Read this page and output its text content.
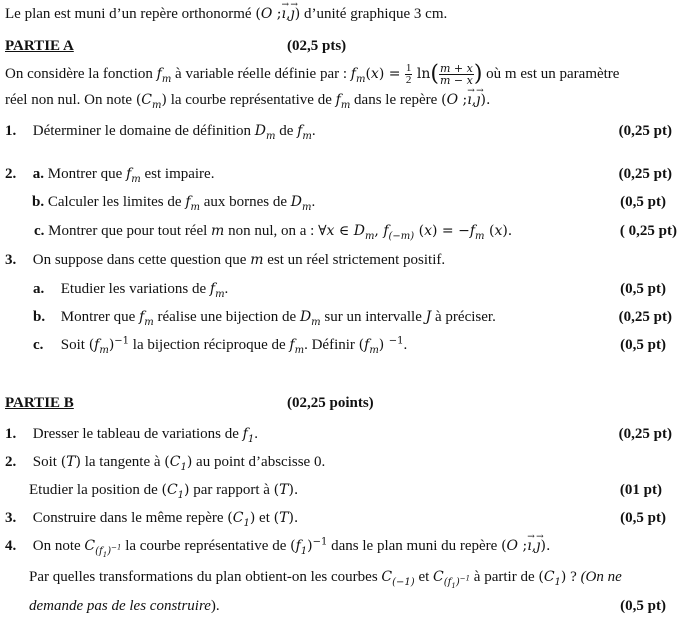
Le plan est muni d’un repère orthonormé (O ;ı →,ȷ →) d’unité graphique 3 cm.
PARTIE A	(02,5 pts)
On considère la fonction $f_m$ à variable réelle définie par : $f_m(x) = \frac{1}{2} \ln( \frac{m + x}{m - x}$ ) où m est un paramètre
réel non nul. On note $(C_m)$ la courbe représentative de $f_m$ dans le repère (O ;ı →,ȷ →).
1. Déterminer le domaine de définition $D_m$ de $f_m$.	(0,25 pt)
2. a. Montrer que $f_m$ est impaire.	(0,25 pt)
b. Calculer les limites de $f_m$ aux bornes de $D_m$.	(0,5 pt)
c. Montrer que pour tout réel m non nul, on a : ∀x ∈ $D_m$, $f_{(-m)}$ $(x) = -f_m$ (x).	( 0,25 pt)
3. On suppose dans cette question que m est un réel strictement positif.
a. Etudier les variations de $f_m$.	(0,5 pt)
b. Montrer que $f_m$ réalise une bijection de $D_m$ sur un intervalle J à préciser.	(0,25 pt)
c. Soit $(f_m)^{-1}$ la bijection réciproque de $f_m$. Définir $(f_m)$ $^{-1}$.	(0,5 pt)
PARTIE B	(02,25 points)
1. Dresser le tableau de variations de $f_1$.	(0,25 pt)
2. Soit (T) la tangente à $(C_1)$ au point d’abscisse 0.
Etudier la position de $(C_1)$ par rapport à (T).	(01 pt)
3. Construire dans le même repère $(C_1)$ et (T).	(0,5 pt)
4. On note $C_{(f_1)^{-1}}$ la courbe représentative de $(f_1)^{-1}$ dans le plan muni du repère (O ;ı →,ȷ →).
Par quelles transformations du plan obtient-on les courbes $C_{(-1)}$ et $C_{(f_1)^{-1}}$ à partir de $(C_1)$ ? (On ne
demande pas de les construire).	(0,5 pt)
